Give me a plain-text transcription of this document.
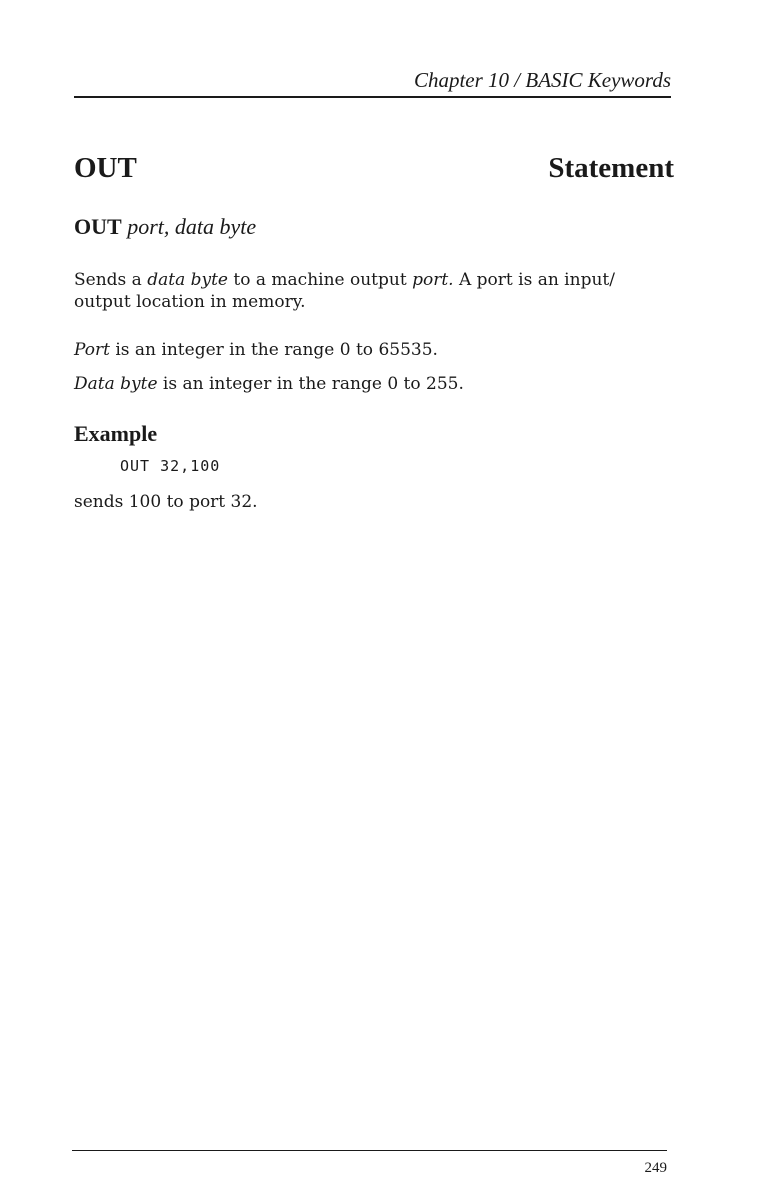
Chapter 10 / BASIC Keywords
OUT	Statement
OUT port, data byte

Sends a data byte to a machine output port. A port is an input/ output location in memory.

Port is an integer in the range 0 to 65535.

Data byte is an integer in the range 0 to 255.

Example
OUT 32,100

sends 100 to port 32.

249
